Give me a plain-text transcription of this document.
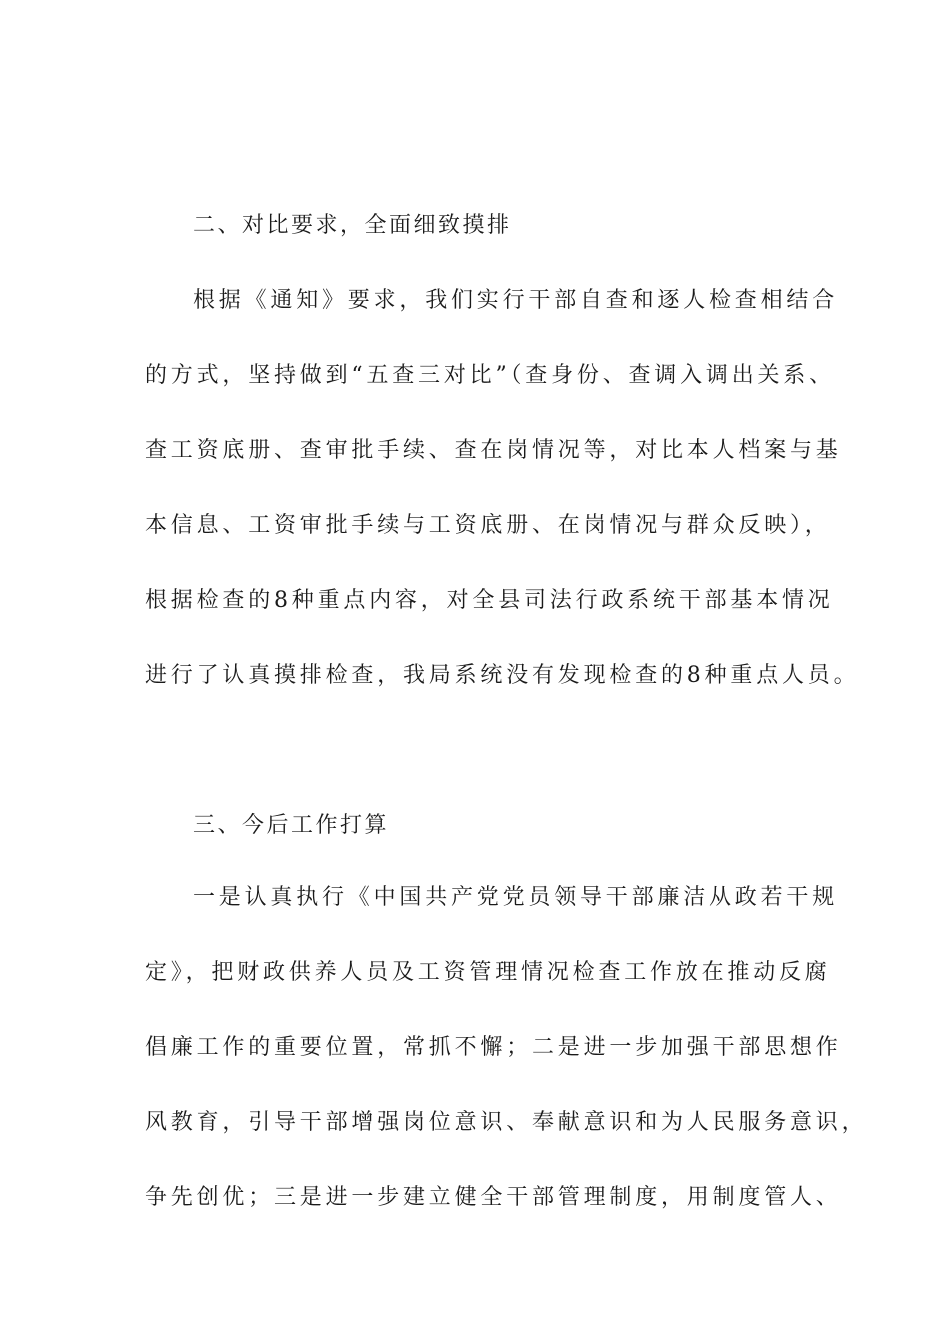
二、对比要求，全面细致摸排
根据《通知》要求，我们实行干部自查和逐人检查相结合
的方式，坚持做到“五查三对比”（查身份、查调入调出关系、
查工资底册、查审批手续、查在岗情况等，对比本人档案与基
本信息、工资审批手续与工资底册、在岗情况与群众反映），
根据检查的8种重点内容，对全县司法行政系统干部基本情况
进行了认真摸排检查，我局系统没有发现检查的8种重点人员。
三、今后工作打算
一是认真执行《中国共产党党员领导干部廉洁从政若干规
定》，把财政供养人员及工资管理情况检查工作放在推动反腐
倡廉工作的重要位置，常抓不懈；二是进一步加强干部思想作
风教育，引导干部增强岗位意识、奉献意识和为人民服务意识，
争先创优；三是进一步建立健全干部管理制度，用制度管人、
